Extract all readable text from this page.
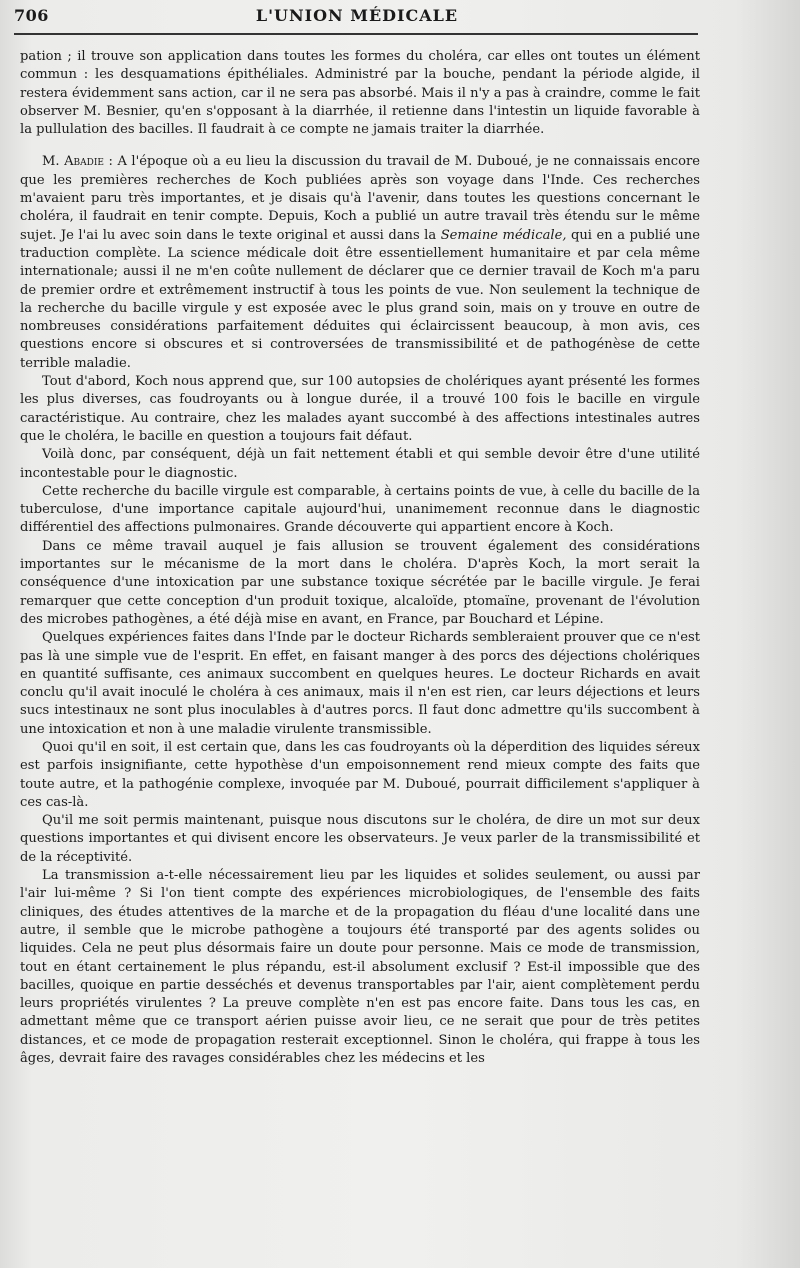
706	L'UNION MÉDICALE

pation ; il trouve son application dans toutes les formes du choléra, car elles ont toutes un élément commun : les desquamations épithéliales. Administré par la bouche, pendant la période algide, il restera évidemment sans action, car il ne sera pas absorbé. Mais il n'y a pas à craindre, comme le fait observer M. Besnier, qu'en s'opposant à la diarrhée, il retienne dans l'intestin un liquide favorable à la pullulation des bacilles. Il faudrait à ce compte ne jamais traiter la diarrhée.

M. Abadie : A l'époque où a eu lieu la discussion du travail de M. Duboué, je ne connaissais encore que les premières recherches de Koch publiées après son voyage dans l'Inde. Ces recherches m'avaient paru très importantes, et je disais qu'à l'avenir, dans toutes les questions concernant le choléra, il faudrait en tenir compte. Depuis, Koch a publié un autre travail très étendu sur le même sujet. Je l'ai lu avec soin dans le texte original et aussi dans la Semaine médicale, qui en a publié une traduction complète. La science médicale doit être essentiellement humanitaire et par cela même internationale; aussi il ne m'en coûte nullement de déclarer que ce dernier travail de Koch m'a paru de premier ordre et extrêmement instructif à tous les points de vue. Non seulement la technique de la recherche du bacille virgule y est exposée avec le plus grand soin, mais on y trouve en outre de nombreuses considérations parfaitement déduites qui éclaircissent beaucoup, à mon avis, ces questions encore si obscures et si controversées de transmissibilité et de pathogénèse de cette terrible maladie.

Tout d'abord, Koch nous apprend que, sur 100 autopsies de cholériques ayant présenté les formes les plus diverses, cas foudroyants ou à longue durée, il a trouvé 100 fois le bacille en virgule caractéristique. Au contraire, chez les malades ayant succombé à des affections intestinales autres que le choléra, le bacille en question a toujours fait défaut.

Voilà donc, par conséquent, déjà un fait nettement établi et qui semble devoir être d'une utilité incontestable pour le diagnostic.

Cette recherche du bacille virgule est comparable, à certains points de vue, à celle du bacille de la tuberculose, d'une importance capitale aujourd'hui, unanimement reconnue dans le diagnostic différentiel des affections pulmonaires. Grande découverte qui appartient encore à Koch.

Dans ce même travail auquel je fais allusion se trouvent également des considérations importantes sur le mécanisme de la mort dans le choléra. D'après Koch, la mort serait la conséquence d'une intoxication par une substance toxique sécrétée par le bacille virgule. Je ferai remarquer que cette conception d'un produit toxique, alcaloïde, ptomaïne, provenant de l'évolution des microbes pathogènes, a été déjà mise en avant, en France, par Bouchard et Lépine.

Quelques expériences faites dans l'Inde par le docteur Richards sembleraient prouver que ce n'est pas là une simple vue de l'esprit. En effet, en faisant manger à des porcs des déjections cholériques en quantité suffisante, ces animaux succombent en quelques heures. Le docteur Richards en avait conclu qu'il avait inoculé le choléra à ces animaux, mais il n'en est rien, car leurs déjections et leurs sucs intestinaux ne sont plus inoculables à d'autres porcs. Il faut donc admettre qu'ils succombent à une intoxication et non à une maladie virulente transmissible.

Quoi qu'il en soit, il est certain que, dans les cas foudroyants où la déperdition des liquides séreux est parfois insignifiante, cette hypothèse d'un empoisonnement rend mieux compte des faits que toute autre, et la pathogénie complexe, invoquée par M. Duboué, pourrait difficilement s'appliquer à ces cas-là.

Qu'il me soit permis maintenant, puisque nous discutons sur le choléra, de dire un mot sur deux questions importantes et qui divisent encore les observateurs. Je veux parler de la transmissibilité et de la réceptivité.

La transmission a-t-elle nécessairement lieu par les liquides et solides seulement, ou aussi par l'air lui-même ? Si l'on tient compte des expériences microbiologiques, de l'ensemble des faits cliniques, des études attentives de la marche et de la propagation du fléau d'une localité dans une autre, il semble que le microbe pathogène a toujours été transporté par des agents solides ou liquides. Cela ne peut plus désormais faire un doute pour personne. Mais ce mode de transmission, tout en étant certainement le plus répandu, est-il absolument exclusif ? Est-il impossible que des bacilles, quoique en partie desséchés et devenus transportables par l'air, aient complètement perdu leurs propriétés virulentes ? La preuve complète n'en est pas encore faite. Dans tous les cas, en admettant même que ce transport aérien puisse avoir lieu, ce ne serait que pour de très petites distances, et ce mode de propagation resterait exceptionnel. Sinon le choléra, qui frappe à tous les âges, devrait faire des ravages considérables chez les médecins et les
